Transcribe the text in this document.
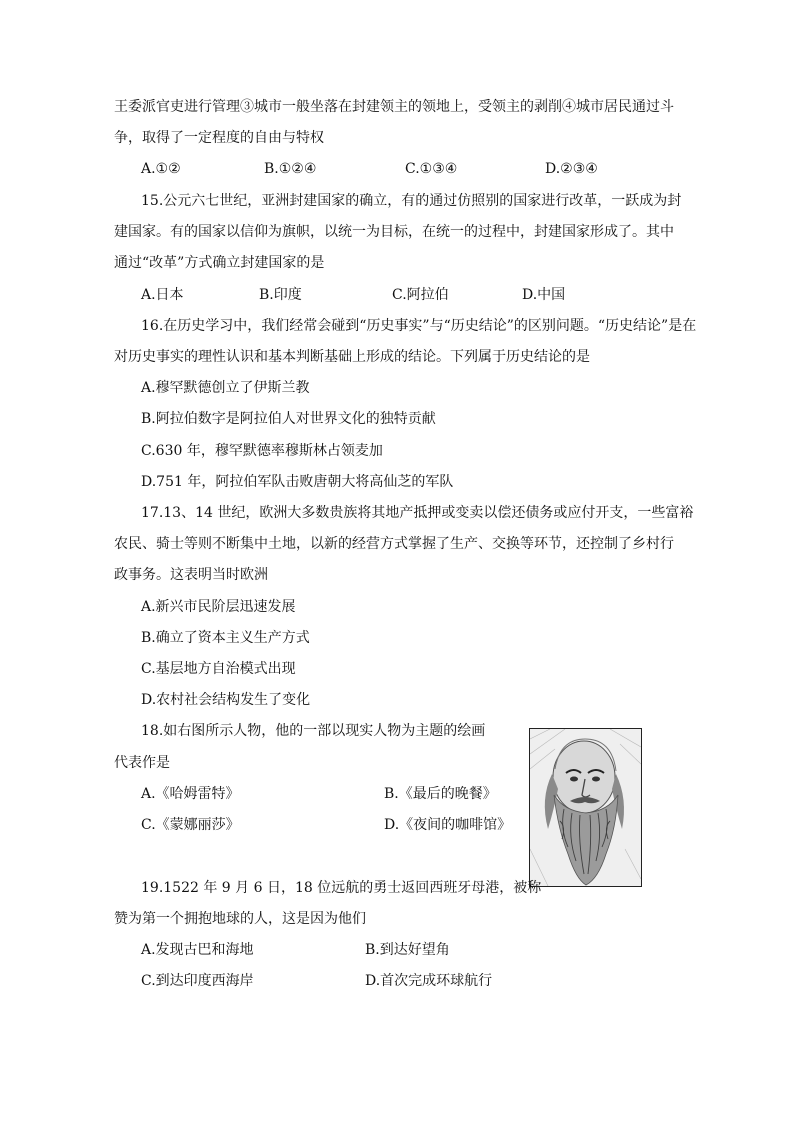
王委派官吏进行管理③城市一般坐落在封建领主的领地上，受领主的剥削④城市居民通过斗
争，取得了一定程度的自由与特权
A.①②	B.①②④	C.①③④	D.②③④
15.公元六七世纪，亚洲封建国家的确立，有的通过仿照别的国家进行改革，一跃成为封
建国家。有的国家以信仰为旗帜，以统一为目标，在统一的过程中，封建国家形成了。其中
通过“改革”方式确立封建国家的是
A.日本	B.印度	C.阿拉伯	D.中国
16.在历史学习中，我们经常会碰到“历史事实”与“历史结论”的区别问题。“历史结论”是在
对历史事实的理性认识和基本判断基础上形成的结论。下列属于历史结论的是
A.穆罕默德创立了伊斯兰教
B.阿拉伯数字是阿拉伯人对世界文化的独特贡献
C.630 年，穆罕默德率穆斯林占领麦加
D.751 年，阿拉伯军队击败唐朝大将高仙芝的军队
17.13、14 世纪，欧洲大多数贵族将其地产抵押或变卖以偿还债务或应付开支，一些富裕
农民、骑士等则不断集中土地，以新的经营方式掌握了生产、交换等环节，还控制了乡村行
政事务。这表明当时欧洲
A.新兴市民阶层迅速发展
B.确立了资本主义生产方式
C.基层地方自治模式出现
D.农村社会结构发生了变化
18.如右图所示人物，他的一部以现实人物为主题的绘画
代表作是
A.《哈姆雷特》	B.《最后的晚餐》
C.《蒙娜丽莎》	D.《夜间的咖啡馆》
19.1522 年 9 月 6 日，18 位远航的勇士返回西班牙母港，被称
赞为第一个拥抱地球的人，这是因为他们
A.发现古巴和海地	B.到达好望角
C.到达印度西海岸	D.首次完成环球航行
